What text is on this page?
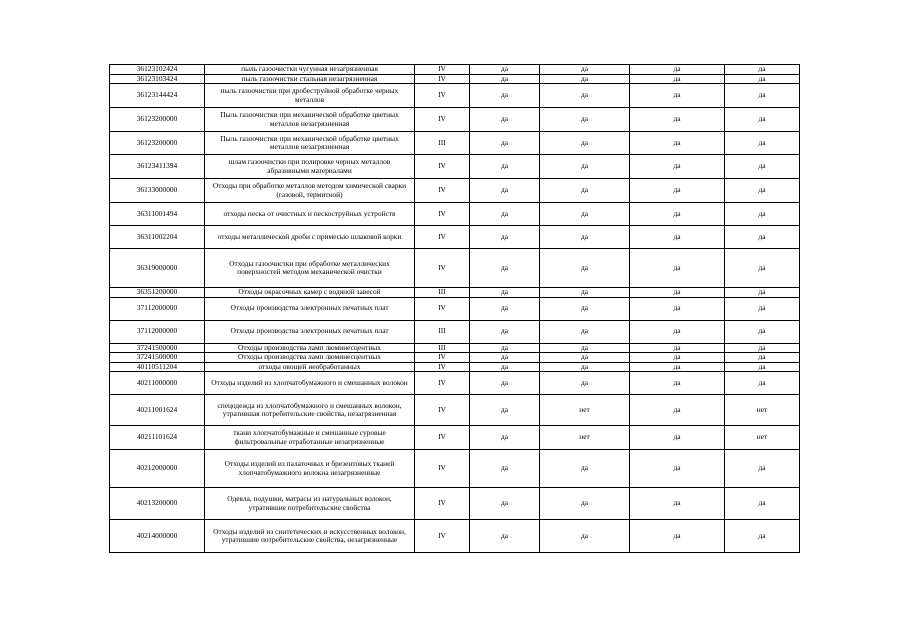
36123102424	пыль газоочистки чугунная незагрязненная	IV	да	да	да	да
36123103424	пыль газоочистки стальная незагрязненная	IV	да	да	да	да
36123144424	пыль газоочистки при дробеструйной обработке черных металлов	IV	да	да	да	да
36123200000	Пыль газоочистки при механической обработке цветных металлов незагрязненная	IV	да	да	да	да
36123200000	Пыль газоочистки при механической обработке цветных металлов незагрязненная	III	да	да	да	да
36123411394	шлам газоочистки при полировке черных металлов абразивными материалами	IV	да	да	да	да
36133000000	Отходы при обработке металлов методом химической сварки (газовой, термитной)	IV	да	да	да	да
36311001494	отходы песка от очистных и пескоструйных устройств	IV	да	да	да	да
36311002204	отходы металлической дроби с примесью шлаковой корки	IV	да	да	да	да
36319000000	Отходы газоочистки при обработке металлических поверхностей методом механической очистки	IV	да	да	да	да
36351200000	Отходы окрасочных камер с водяной завесой	III	да	да	да	да
37112000000	Отходы производства электронных печатных плат	IV	да	да	да	да
37112000000	Отходы производства электронных печатных плат	III	да	да	да	да
37241500000	Отходы производства ламп люминесцентных	III	да	да	да	да
37241500000	Отходы производства ламп люминесцентных	IV	да	да	да	да
40110511204	отходы овощей необработанных	IV	да	да	да	да
40211000000	Отходы изделий из хлопчатобумажного и смешанных волокон	IV	да	да	да	да
40211001624	спецодежда из хлопчатобумажного и смешанных волокон, утратившая потребительские свойства, незагрязненная	IV	да	нет	да	нет
40211101624	ткани хлопчатобумажные и смешанные суровые фильтровальные отработанные незагрязненные	IV	да	нет	да	нет
40212000000	Отходы изделий из палаточных и брезентовых тканей хлопчатобумажного волокна незагрязненные	IV	да	да	да	да
40213200000	Одеяла, подушки, матрасы из натуральных волокон, утратившие потребительские свойства	IV	да	да	да	да
40214000000	Отходы изделий из синтетических и искусственных волокон, утратившие потребительские свойства, незагрязненные	IV	да	да	да	да
